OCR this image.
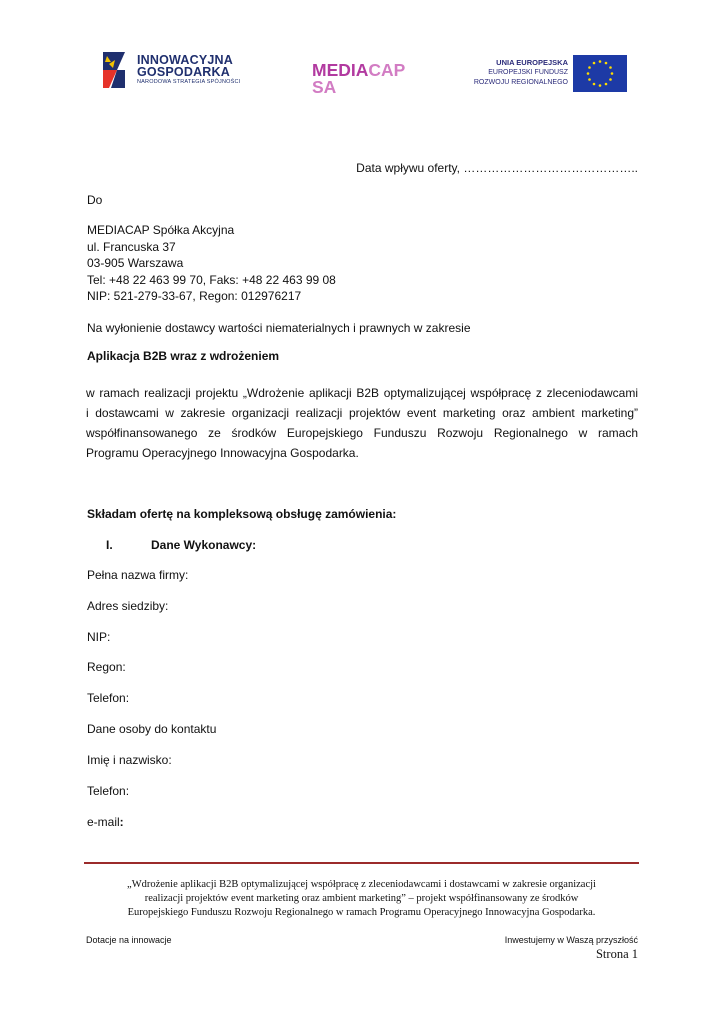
INNOWACYJNA
GOSPODARKA
NARODOWA STRATEGIA SPÓJNOŚCI
MEDIACAP
SA
UNIA EUROPEJSKA
EUROPEJSKI FUNDUSZ
ROZWOJU REGIONALNEGO
Data wpływu oferty, ……………………………………..
Do
MEDIACAP Spółka Akcyjna
ul. Francuska 37
03-905 Warszawa
Tel: +48 22 463 99 70, Faks: +48 22 463 99 08
NIP: 521-279-33-67, Regon: 012976217
Na wyłonienie dostawcy wartości niematerialnych i prawnych w zakresie
Aplikacja B2B wraz z wdrożeniem
w ramach realizacji projektu „Wdrożenie aplikacji B2B optymalizującej współpracę z zleceniodawcami
i dostawcami w zakresie organizacji realizacji projektów event marketing oraz ambient marketing”
współfinansowanego ze środków Europejskiego Funduszu Rozwoju Regionalnego w ramach
Programu Operacyjnego Innowacyjna Gospodarka.
Składam ofertę na kompleksową obsługę zamówienia:
I.	Dane Wykonawcy:
Pełna nazwa firmy:
Adres siedziby:
NIP:
Regon:
Telefon:
Dane osoby do kontaktu
Imię i nazwisko:
Telefon:
e-mail:
„Wdrożenie aplikacji B2B optymalizującej współpracę z zleceniodawcami i dostawcami w zakresie organizacji
realizacji projektów event marketing oraz ambient marketing” – projekt współfinansowany ze środków
Europejskiego Funduszu Rozwoju Regionalnego w ramach Programu Operacyjnego Innowacyjna Gospodarka.
Dotacje na innowacje	Inwestujemy w Waszą przyszłość
Strona 1
